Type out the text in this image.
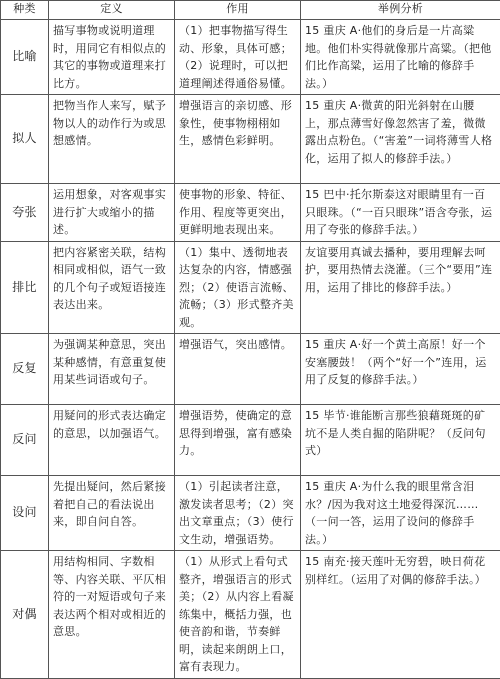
种类	定义	作用	举例分析
比喻	描写事物或说明道理时，用同它有相似点的其它的事物或道理来打比方。	（1）把事物描写得生动、形象，具体可感；（2）说理时，可以把道理阐述得通俗易懂。	15 重庆 A·他们的身后是一片高粱地。他们朴实得就像那片高粱。（把他们比作高粱，运用了比喻的修辞手法。）
拟人	把物当作人来写，赋予物以人的动作行为或思想感情。	增强语言的亲切感、形象性，使事物栩栩如生，感情色彩鲜明。	15 重庆 A·微黄的阳光斜射在山腰上，那点薄雪好像忽然害了羞，微微露出点粉色。（“害羞”一词将薄雪人格化，运用了拟人的修辞手法。）
夸张	运用想象，对客观事实进行扩大或缩小的描述。	使事物的形象、特征、作用、程度等更突出，更鲜明地表现出来。	15 巴中·托尔斯泰这对眼睛里有一百只眼珠。（“一百只眼珠”语含夸张，运用了夸张的修辞手法。）
排比	把内容紧密关联，结构相同或相似，语气一致的几个句子或短语接连表达出来。	（1）集中、透彻地表达复杂的内容，情感强烈；（2）使语言流畅、流畅；（3）形式整齐美观。	友谊要用真诚去播种，要用理解去呵护，要用热情去浇灌。（三个“要用”连用，运用了排比的修辞手法。）
反复	为强调某种意思，突出某种感情，有意重复使用某些词语或句子。	增强语气，突出感情。	15 重庆 A·好一个黄土高原！好一个安塞腰鼓！（两个“好一个”连用，运用了反复的修辞手法。）
反问	用疑问的形式表达确定的意思，以加强语气。	增强语势，使确定的意思得到增强，富有感染力。	15 毕节·谁能断言那些狼藉斑斑的矿坑不是人类自掘的陷阱呢？（反问句式）
设问	先提出疑问，然后紧接着把自己的看法说出来，即自问自答。	（1）引起读者注意，激发读者思考；（2）突出文章重点；（3）使行文生动，增强语势。	15 重庆 A·为什么我的眼里常含泪水？/因为我对这土地爱得深沉……（一问一答，运用了设问的修辞手法。）
对偶	用结构相同、字数相等、内容关联、平仄相符的一对短语或句子来表达两个相对或相近的意思。	（1）从形式上看句式整齐，增强语言的形式美；（2）从内容上看凝练集中，概括力强，也使音韵和谐，节奏鲜明，读起来朗朗上口，富有表现力。	15 南充·接天莲叶无穷碧，映日荷花别样红。（运用了对偶的修辞手法。）
